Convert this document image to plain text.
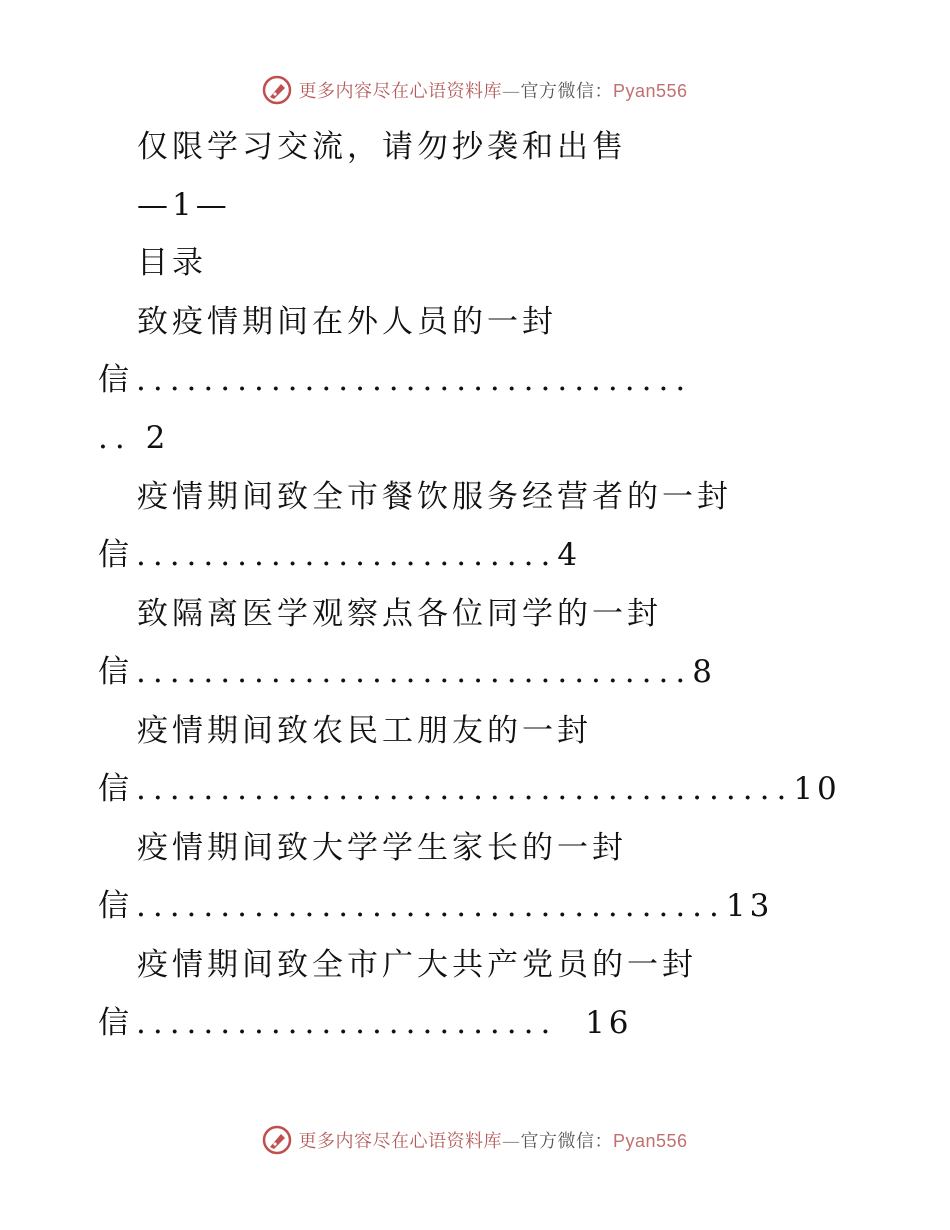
更多内容尽在心语资料库—官方微信：Pyan556
仅限学习交流，请勿抄袭和出售
—1—
目录
致疫情期间在外人员的一封
信.................................
.. 2
疫情期间致全市餐饮服务经营者的一封
信.........................4
致隔离医学观察点各位同学的一封
信.................................8
疫情期间致农民工朋友的一封
信.......................................10
疫情期间致大学学生家长的一封
信...................................13
疫情期间致全市广大共产党员的一封
信......................... 16
更多内容尽在心语资料库—官方微信：Pyan556
